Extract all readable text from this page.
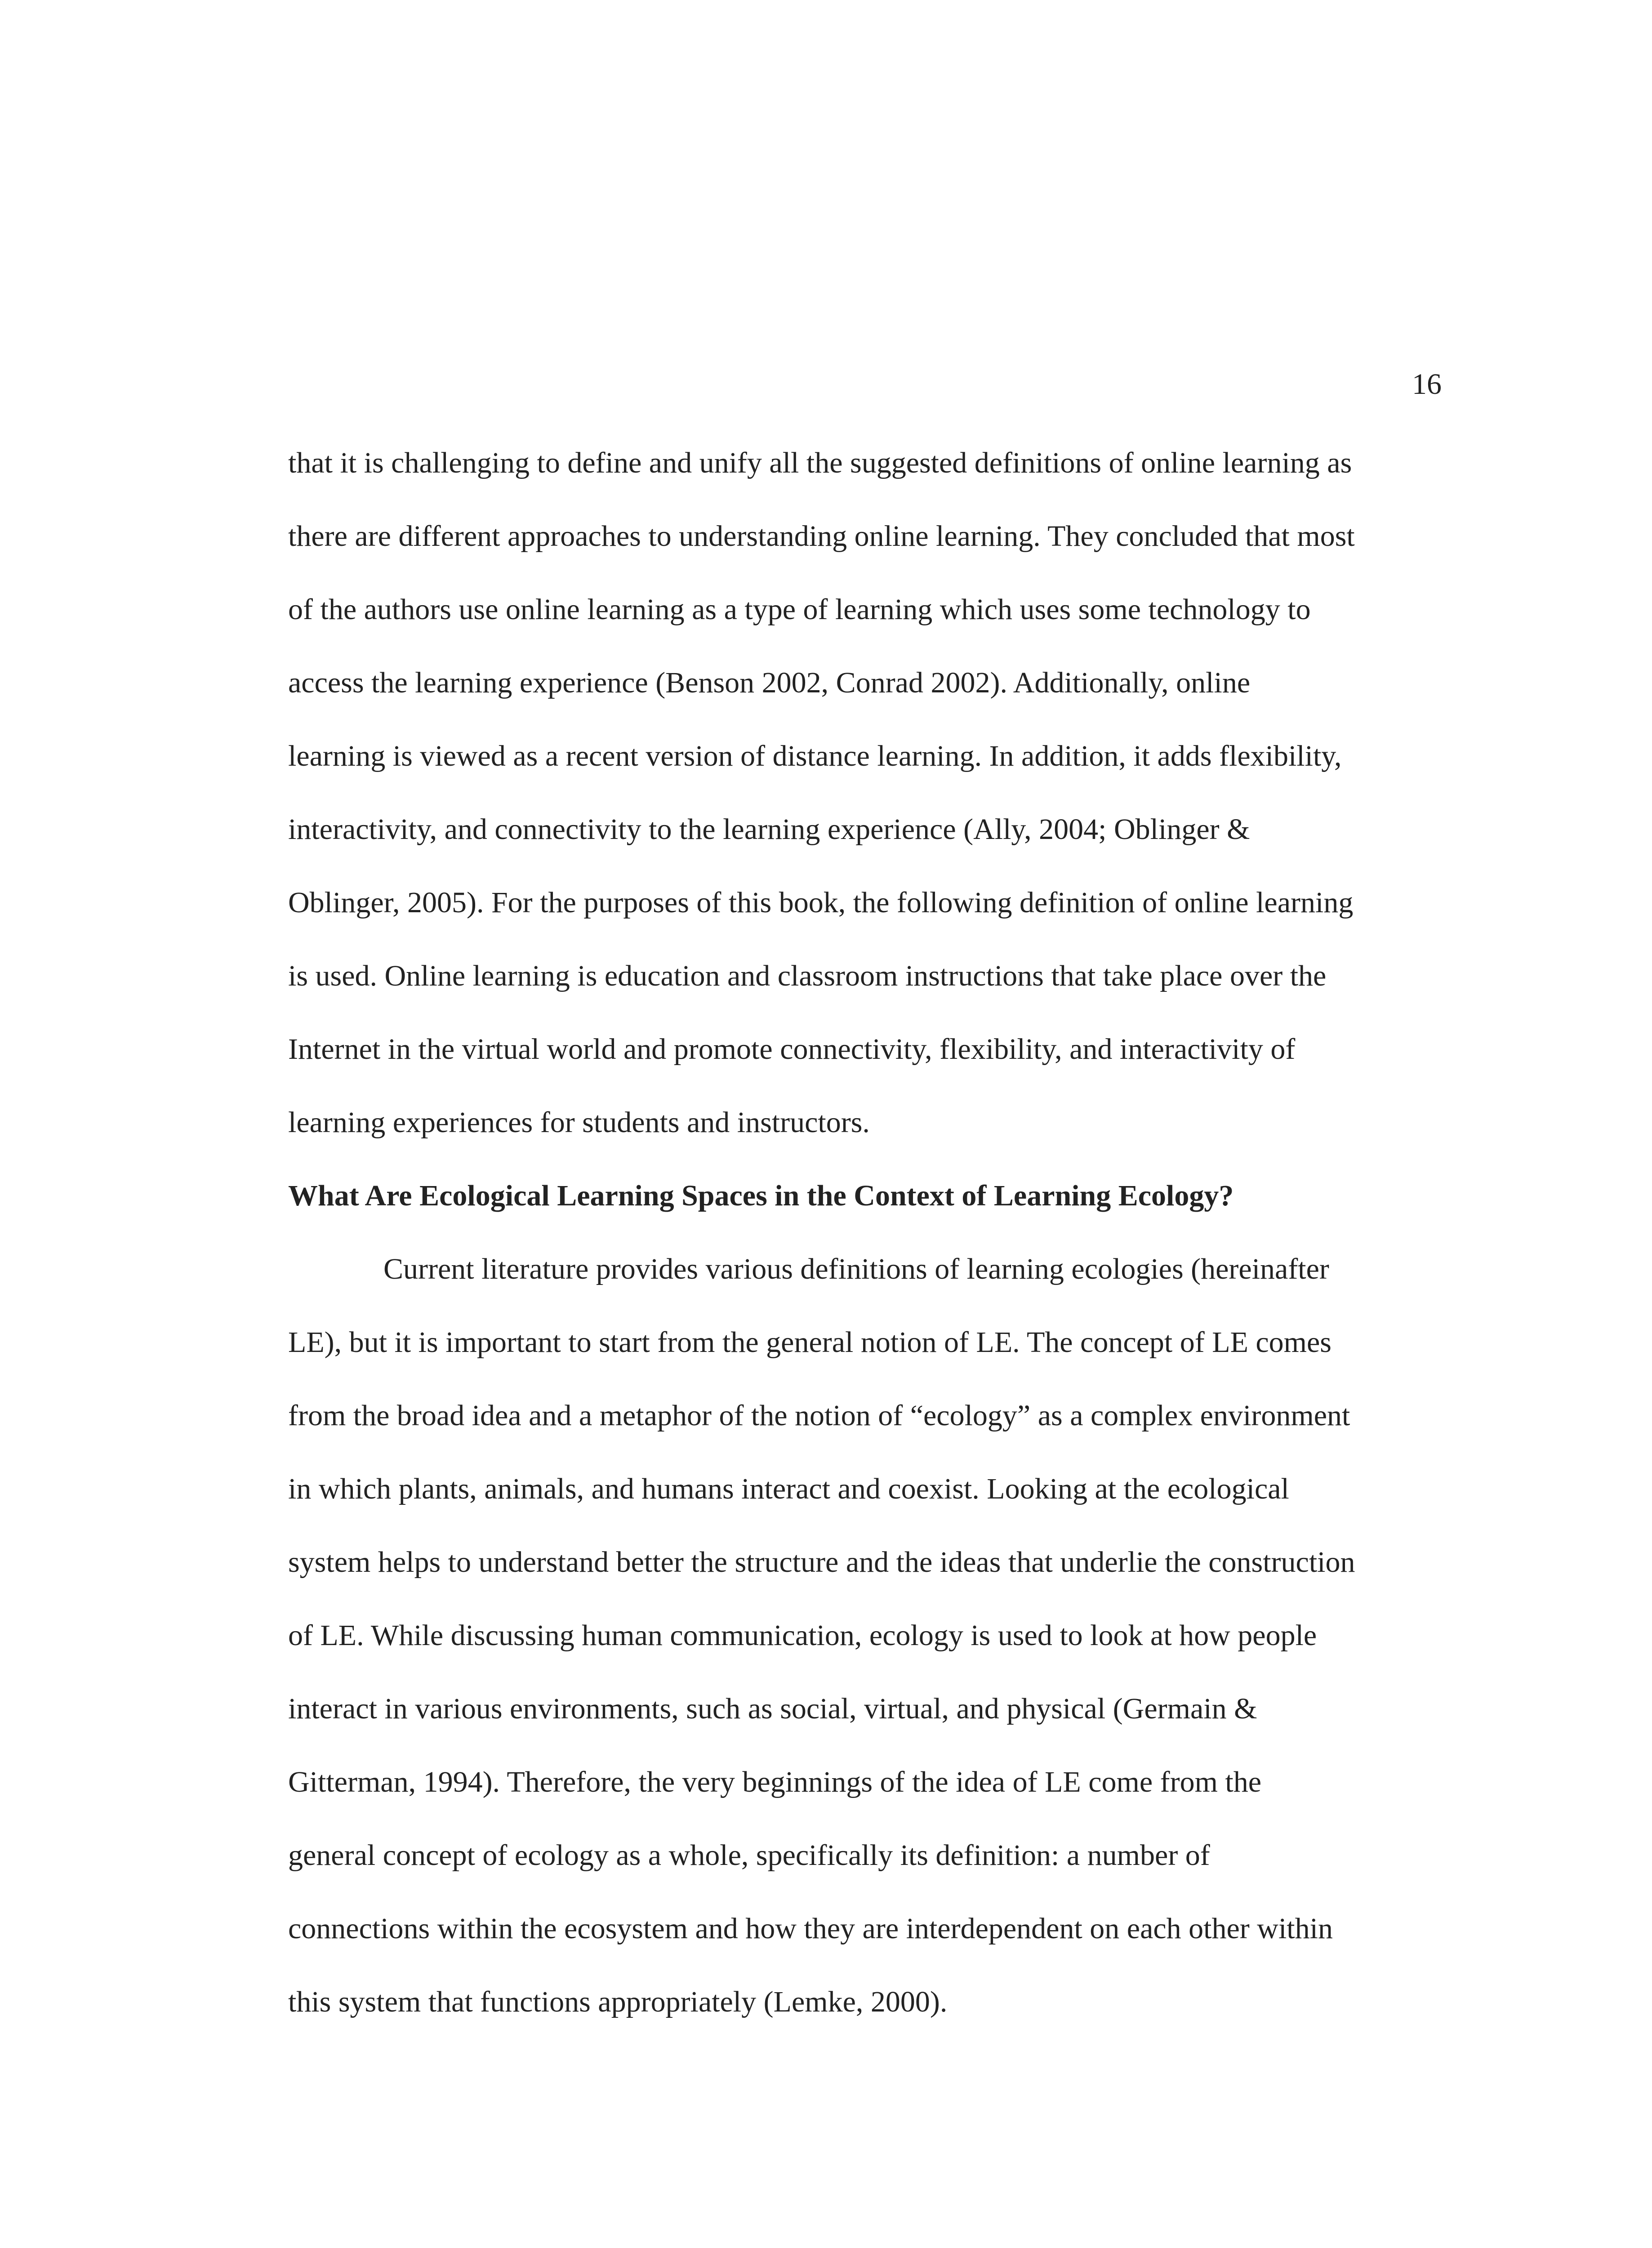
16
that it is challenging to define and unify all the suggested definitions of online learning as
there are different approaches to understanding online learning. They concluded that most
of the authors use online learning as a type of learning which uses some technology to
access the learning experience (Benson 2002, Conrad 2002). Additionally, online
learning is viewed as a recent version of distance learning. In addition, it adds flexibility,
interactivity, and connectivity to the learning experience (Ally, 2004; Oblinger &
Oblinger, 2005). For the purposes of this book, the following definition of online learning
is used. Online learning is education and classroom instructions that take place over the
Internet in the virtual world and promote connectivity, flexibility, and interactivity of
learning experiences for students and instructors.
What Are Ecological Learning Spaces in the Context of Learning Ecology?
Current literature provides various definitions of learning ecologies (hereinafter
LE), but it is important to start from the general notion of LE. The concept of LE comes
from the broad idea and a metaphor of the notion of “ecology” as a complex environment
in which plants, animals, and humans interact and coexist. Looking at the ecological
system helps to understand better the structure and the ideas that underlie the construction
of LE. While discussing human communication, ecology is used to look at how people
interact in various environments, such as social, virtual, and physical (Germain &
Gitterman, 1994). Therefore, the very beginnings of the idea of LE come from the
general concept of ecology as a whole, specifically its definition: a number of
connections within the ecosystem and how they are interdependent on each other within
this system that functions appropriately (Lemke, 2000).
